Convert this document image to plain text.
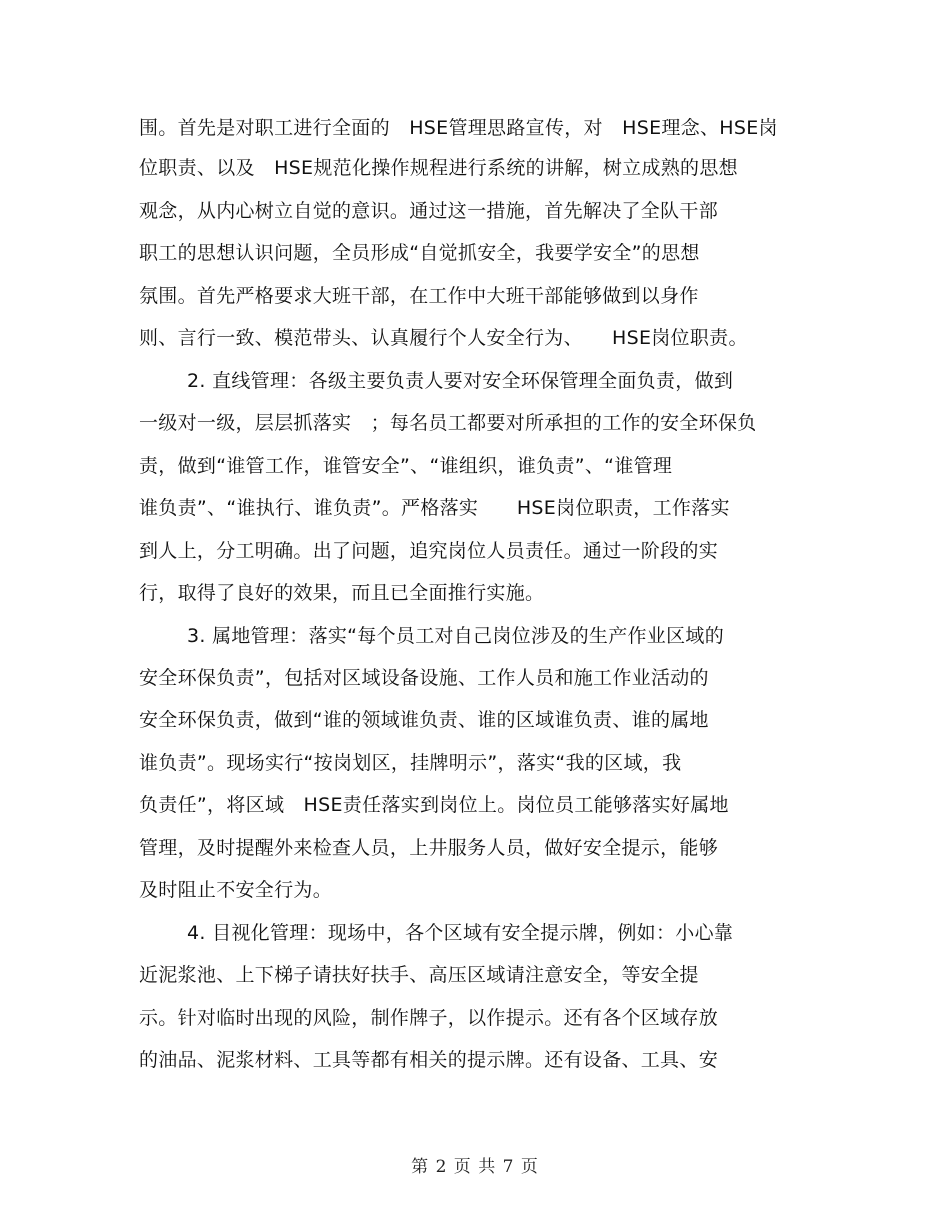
围。首先是对职工进行全面的　HSE管理思路宣传，对　HSE理念、HSE岗
位职责、以及　HSE规范化操作规程进行系统的讲解，树立成熟的思想
观念，从内心树立自觉的意识。通过这一措施，首先解决了全队干部
职工的思想认识问题，全员形成“自觉抓安全，我要学安全”的思想
氛围。首先严格要求大班干部，在工作中大班干部能够做到以身作
则、言行一致、模范带头、认真履行个人安全行为、　　HSE岗位职责。
2. 直线管理：各级主要负责人要对安全环保管理全面负责，做到
一级对一级，层层抓落实　；每名员工都要对所承担的工作的安全环保负
责，做到“谁管工作，谁管安全”、“谁组织，谁负责”、“谁管理
谁负责”、“谁执行、谁负责”。严格落实　　HSE岗位职责，工作落实
到人上，分工明确。出了问题，追究岗位人员责任。通过一阶段的实
行，取得了良好的效果，而且已全面推行实施。
3. 属地管理：落实“每个员工对自己岗位涉及的生产作业区域的
安全环保负责”，包括对区域设备设施、工作人员和施工作业活动的
安全环保负责，做到“谁的领域谁负责、谁的区域谁负责、谁的属地
谁负责”。现场实行“按岗划区，挂牌明示”，落实“我的区域，我
负责任”，将区域　HSE责任落实到岗位上。岗位员工能够落实好属地
管理，及时提醒外来检查人员，上井服务人员，做好安全提示，能够
及时阻止不安全行为。
4. 目视化管理：现场中，各个区域有安全提示牌，例如：小心靠
近泥浆池、上下梯子请扶好扶手、高压区域请注意安全，等安全提
示。针对临时出现的风险，制作牌子，以作提示。还有各个区域存放
的油品、泥浆材料、工具等都有相关的提示牌。还有设备、工具、安
第 2 页 共 7 页
